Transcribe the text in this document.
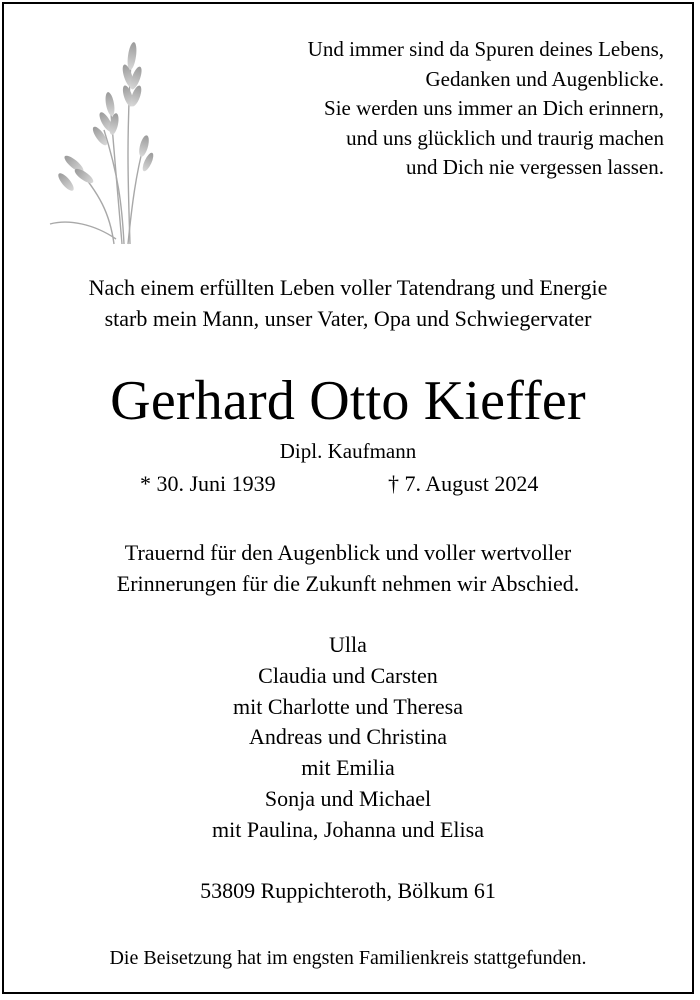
Und immer sind da Spuren deines Lebens,
Gedanken und Augenblicke.
Sie werden uns immer an Dich erinnern,
und uns glücklich und traurig machen
und Dich nie vergessen lassen.
Nach einem erfüllten Leben voller Tatendrang und Energie
starb mein Mann, unser Vater, Opa und Schwiegervater
Gerhard Otto Kieffer
Dipl. Kaufmann
* 30. Juni 1939	† 7. August 2024
Trauernd für den Augenblick und voller wertvoller
Erinnerungen für die Zukunft nehmen wir Abschied.
Ulla
Claudia und Carsten
mit Charlotte und Theresa
Andreas und Christina
mit Emilia
Sonja und Michael
mit Paulina, Johanna und Elisa
53809 Ruppichteroth, Bölkum 61
Die Beisetzung hat im engsten Familienkreis stattgefunden.
